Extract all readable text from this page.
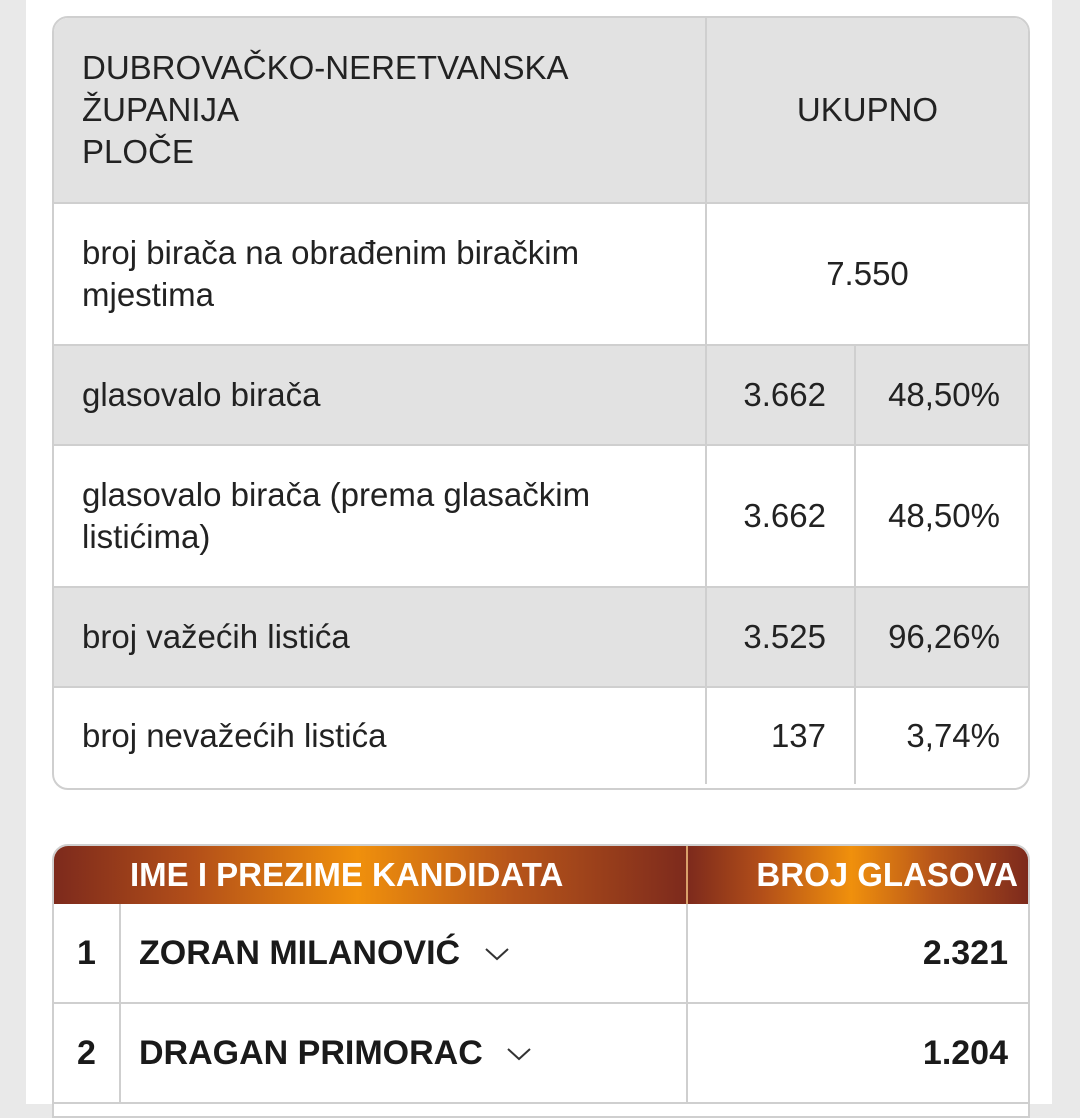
DUBROVAČKO-NERETVANSKA
ŽUPANIJA
PLOČE	UKUPNO	
broj birača na obrađenim biračkim mjestima	7.550	
glasovalo birača	3.662	48,50%
glasovalo birača (prema glasačkim listićima)	3.662	48,50%
broj važećih listića	3.525	96,26%
broj nevažećih listića	137	3,74%
IME I PREZIME KANDIDATA		BROJ GLASOVA
1	ZORAN MILANOVIĆ	2.321
2	DRAGAN PRIMORAC	1.204
